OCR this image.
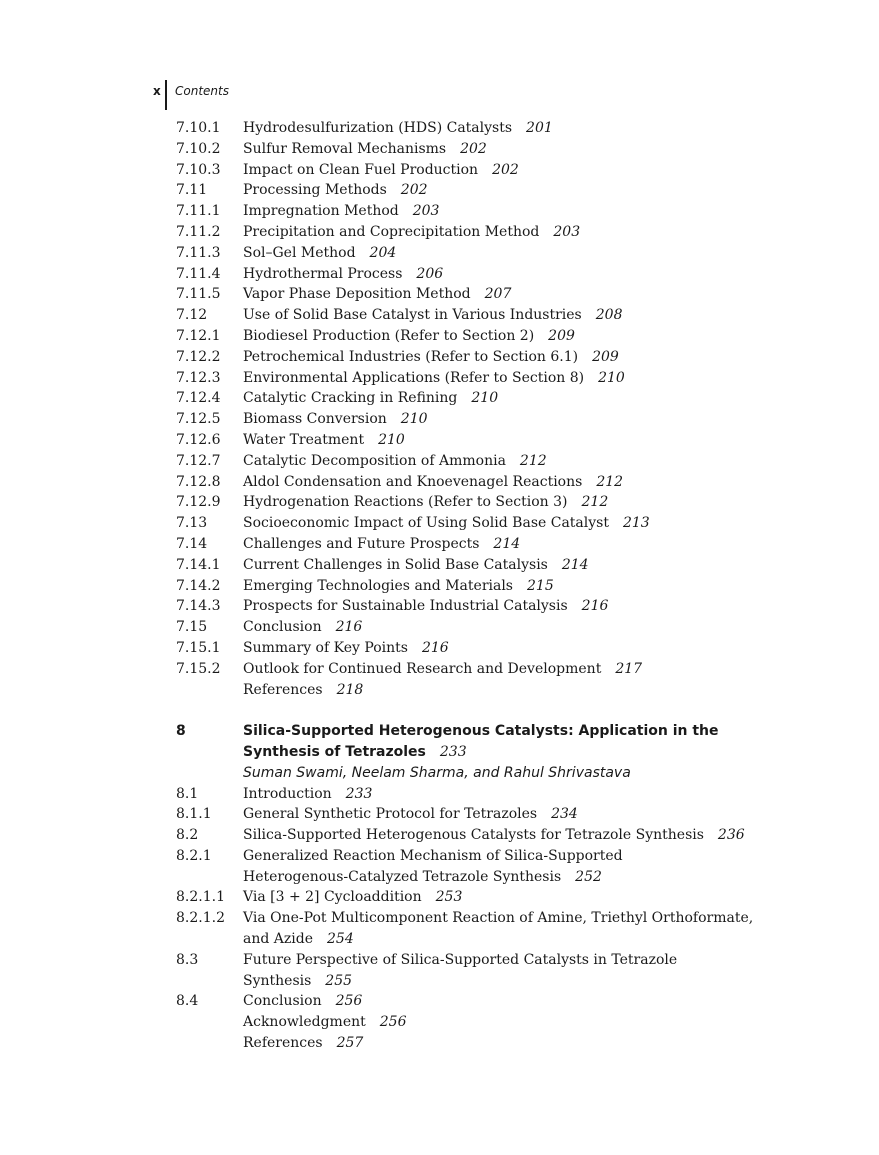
x Contents
7.10.1	Hydrodesulfurization (HDS) Catalysts 201
7.10.2	Sulfur Removal Mechanisms 202
7.10.3	Impact on Clean Fuel Production 202
7.11	Processing Methods 202
7.11.1	Impregnation Method 203
7.11.2	Precipitation and Coprecipitation Method 203
7.11.3	Sol–Gel Method 204
7.11.4	Hydrothermal Process 206
7.11.5	Vapor Phase Deposition Method 207
7.12	Use of Solid Base Catalyst in Various Industries 208
7.12.1	Biodiesel Production (Refer to Section 2) 209
7.12.2	Petrochemical Industries (Refer to Section 6.1) 209
7.12.3	Environmental Applications (Refer to Section 8) 210
7.12.4	Catalytic Cracking in Refining 210
7.12.5	Biomass Conversion 210
7.12.6	Water Treatment 210
7.12.7	Catalytic Decomposition of Ammonia 212
7.12.8	Aldol Condensation and Knoevenagel Reactions 212
7.12.9	Hydrogenation Reactions (Refer to Section 3) 212
7.13	Socioeconomic Impact of Using Solid Base Catalyst 213
7.14	Challenges and Future Prospects 214
7.14.1	Current Challenges in Solid Base Catalysis 214
7.14.2	Emerging Technologies and Materials 215
7.14.3	Prospects for Sustainable Industrial Catalysis 216
7.15	Conclusion 216
7.15.1	Summary of Key Points 216
7.15.2	Outlook for Continued Research and Development 217
References 218
8	Silica-Supported Heterogenous Catalysts: Application in the
Synthesis of Tetrazoles 233
Suman Swami, Neelam Sharma, and Rahul Shrivastava
8.1	Introduction 233
8.1.1	General Synthetic Protocol for Tetrazoles 234
8.2	Silica-Supported Heterogenous Catalysts for Tetrazole Synthesis 236
8.2.1	Generalized Reaction Mechanism of Silica-Supported
Heterogenous-Catalyzed Tetrazole Synthesis 252
8.2.1.1	Via [3 + 2] Cycloaddition 253
8.2.1.2	Via One-Pot Multicomponent Reaction of Amine, Triethyl Orthoformate,
and Azide 254
8.3	Future Perspective of Silica-Supported Catalysts in Tetrazole
Synthesis 255
8.4	Conclusion 256
Acknowledgment 256
References 257
